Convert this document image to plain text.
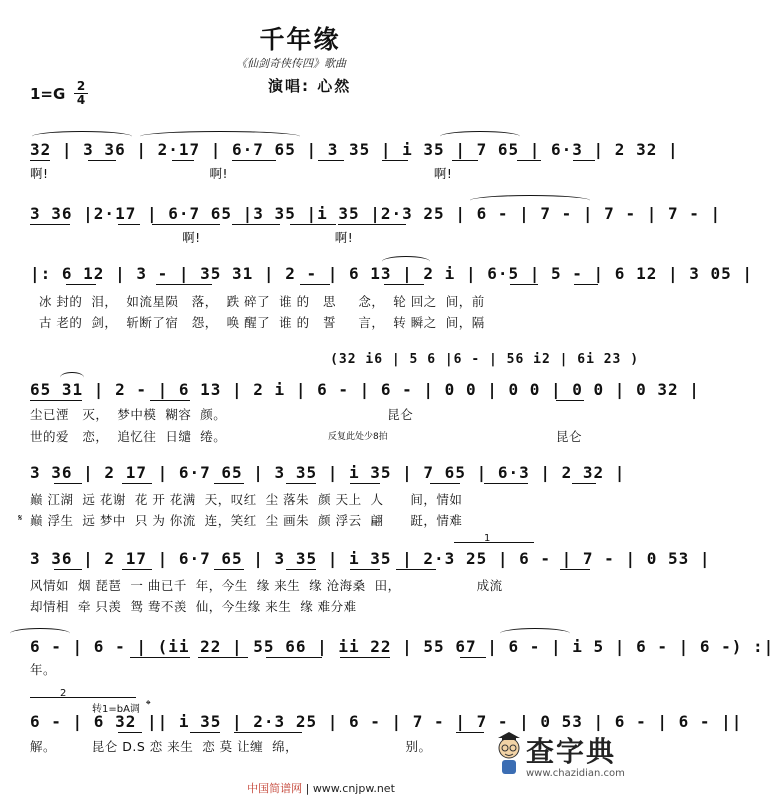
千年缘
《仙剑奇侠传四》歌曲
演唱: 心然
1=G 2
4

32 | 3 36 | 2·17 | 6·7 65 | 3 35 | i 35 | 7 65 | 6·3 | 2 32 |

啊!                                    啊!                                              啊!

3 36 |2·17 | 6·7 65 |3 35 |i 35 |2·3 25 | 6 - | 7 - | 7 - | 7 - |

啊!                              啊!

|: 6 12 | 3 - | 35 31 | 2 - | 6 13 | 2 i | 6·5 | 5 - | 6 12 | 3 05 |

冰 封的  泪，  如流星陨   落，  跌 碎了  谁 的   思     念，  轮 回之  间，前
古 老的  剑，  斩断了宿   怨，  唤 醒了  谁 的   誓     言，  转 瞬之  间，隔

(32 i6 | 5 6 |6 - | 56 i2 | 6i 23 )

65 31 | 2 - | 6 13 | 2 i | 6 - | 6 - | 0 0 | 0 0 | 0 0 | 0 32 |

尘已湮   灭，  梦中模  糊容  颜。                                    昆仑
世的爱   恋，  追忆往  日缱  绻。	反复此处少8拍	昆仑

3 36 | 2 17 | 6·7 65 | 3 35 | i 35 | 7 65 | 6·3 | 2 32 |

巅 江湖  远 花谢  花 开 花满  天，叹红  尘 落朱  颜 天上  人      间，情如
𝄋 巅 浮生  远 梦中  只 为 你流  连，笑红  尘 画朱  颜 浮云  翩      跹，情难
1

3 36 | 2 17 | 6·7 65 | 3 35 | i 35 | 2·3 25 | 6 - | 7 - | 0 53 |

风情如  烟 琵琶  一 曲已千  年，今生  缘 来生  缘 沧海桑  田，                 成流
却情相  牵 只羡  鸳 鸯不羡  仙，今生缘 来生  缘 难分难

6 - | 6 - | (ii 22 | 55 66 | ii 22 | 55 67 | 6 - | i 5 | 6 - | 6 -) :|

年。
2
转1=bA调 𝄌

6 - | 6 32 || i 35 | 2·3 25 | 6 - | 7 - | 7 - | 0 53 | 6 - | 6 - ||

解。        昆仑 D.S 恋 来生  恋 莫 让缠  绵，                        别。	查字典
www.chazidian.com
中国简谱网 | www.cnjpw.net
